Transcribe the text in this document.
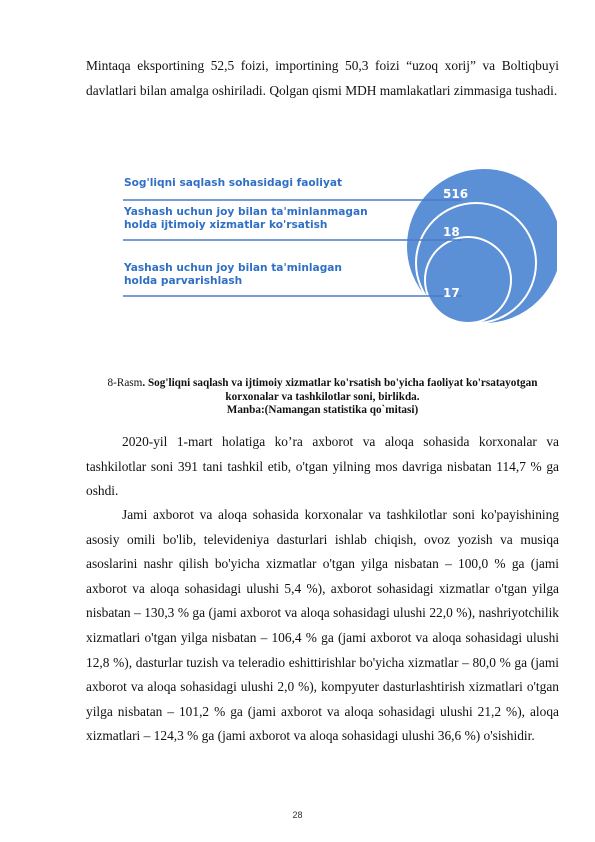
Mintaqa eksportining 52,5 foizi, importining 50,3 foizi “uzoq xorij” va Boltiqbuyi davlatlari bilan amalga oshiriladi. Qolgan qismi MDH mamlakatlari zimmasiga tushadi.

Sog'liqni saqlash sohasidagi faoliyat
Yashash uchun joy bilan ta'minlanmagan holda ijtimoiy xizmatlar ko'rsatish
Yashash uchun joy bilan ta'minlagan holda parvarishlash
516
18
17

8-Rasm. Sog'liqni saqlash va ijtimoiy xizmatlar ko'rsatish bo'yicha faoliyat ko'rsatayotgan korxonalar va tashkilotlar soni, birlikda.

Manba:(Namangan statistika qo`mitasi)

2020-yil 1-mart holatiga ko’ra axborot va aloqa sohasida korxonalar va tashkilotlar soni 391 tani tashkil etib, o'tgan yilning mos davriga nisbatan 114,7 % ga oshdi.

Jami axborot va aloqa sohasida korxonalar va tashkilotlar soni ko'payishining asosiy omili bo'lib, televideniya dasturlari ishlab chiqish, ovoz yozish va musiqa asoslarini nashr qilish bo'yicha xizmatlar o'tgan yilga nisbatan – 100,0 % ga (jami axborot va aloqa sohasidagi ulushi 5,4 %), axborot sohasidagi xizmatlar o'tgan yilga nisbatan – 130,3 % ga (jami axborot va aloqa sohasidagi ulushi 22,0 %), nashriyotchilik xizmatlari o'tgan yilga nisbatan – 106,4 % ga (jami axborot va aloqa sohasidagi ulushi 12,8 %), dasturlar tuzish va teleradio eshittirishlar bo'yicha xizmatlar – 80,0 % ga (jami axborot va aloqa sohasidagi ulushi 2,0 %), kompyuter dasturlashtirish xizmatlari o'tgan yilga nisbatan – 101,2 % ga (jami axborot va aloqa sohasidagi ulushi 21,2 %), aloqa xizmatlari – 124,3 % ga (jami axborot va aloqa sohasidagi ulushi 36,6 %) o'sishidir.

28
